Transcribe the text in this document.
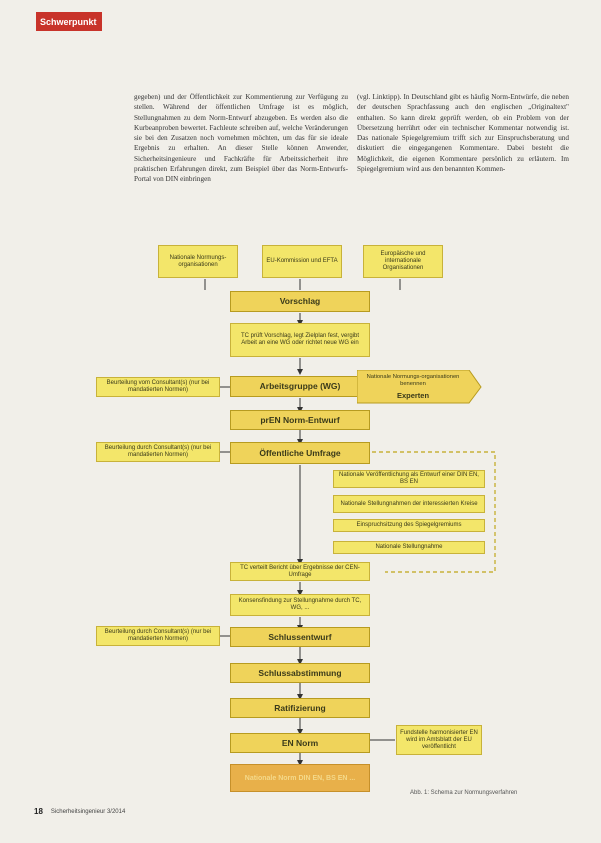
Schwerpunkt

gegeben) und der Öffentlichkeit zur Kommentierung zur Verfügung zu stellen. Während der öffentlichen Umfrage ist es möglich, Stellungnahmen zu dem Norm-Entwurf abzugeben. Es werden also die Kurbeanproben bewertet. Fachleute schreiben auf, welche Veränderungen sie bei den Zusatzen noch vornehmen möchten, um das für sie ideale Ergebnis zu erhalten. An dieser Stelle können Anwender, Sicherheitsingenieure und Fachkräfte für Arbeitssicherheit ihre praktischen Erfahrungen direkt, zum Beispiel über das Norm-Entwurfs-Portal von DIN einbringen

(vgl. Linktipp). In Deutschland gibt es häufig Norm-Entwürfe, die neben der deutschen Sprachfassung auch den englischen „Originaltext" enthalten. So kann direkt geprüft werden, ob ein Problem von der Übersetzung herrührt oder ein technischer Kommentar notwendig ist. Das nationale Spiegelgremium trifft sich zur Einspruchsberatung und diskutiert die eingegangenen Kommentare. Dabei besteht die Möglichkeit, die eigenen Kommentare persönlich zu erläutern. Im Spiegelgremium wird aus den benannten Kommen-

Nationale Normungs-organisationen
EU-Kommission und EFTA
Europäische und internationale Organisationen
Vorschlag
TC prüft Vorschlag, legt Zielplan fest, vergibt Arbeit an eine WG oder richtet neue WG ein
Beurteilung vom Consultant(s) (nur bei mandatierten Normen)	Arbeitsgruppe (WG)
Nationale Normungs-organisationen benennen
Experten
prEN Norm-Entwurf
Beurteilung durch Consultant(s) (nur bei mandatierten Normen)	Öffentliche Umfrage
Nationale Veröffentlichung als Entwurf einer DIN EN, BS EN
Nationale Stellungnahmen der interessierten Kreise
Einspruchsitzung des Spiegelgremiums
Nationale Stellungnahme
TC verteilt Bericht über Ergebnisse der CEN-Umfrage
Konsensfindung zur Stellungnahme durch TC, WG, ...
Beurteilung durch Consultant(s) (nur bei mandatierten Normen)	Schlussentwurf
Schlussabstimmung
Ratifizierung
EN Norm
Fundstelle harmonisierter EN wird im Amtsblatt der EU veröffentlicht
Nationale Norm DIN EN, BS EN ...
Abb. 1: Schema zur Normungsverfahren
18 Sicherheitsingenieur 3/2014
